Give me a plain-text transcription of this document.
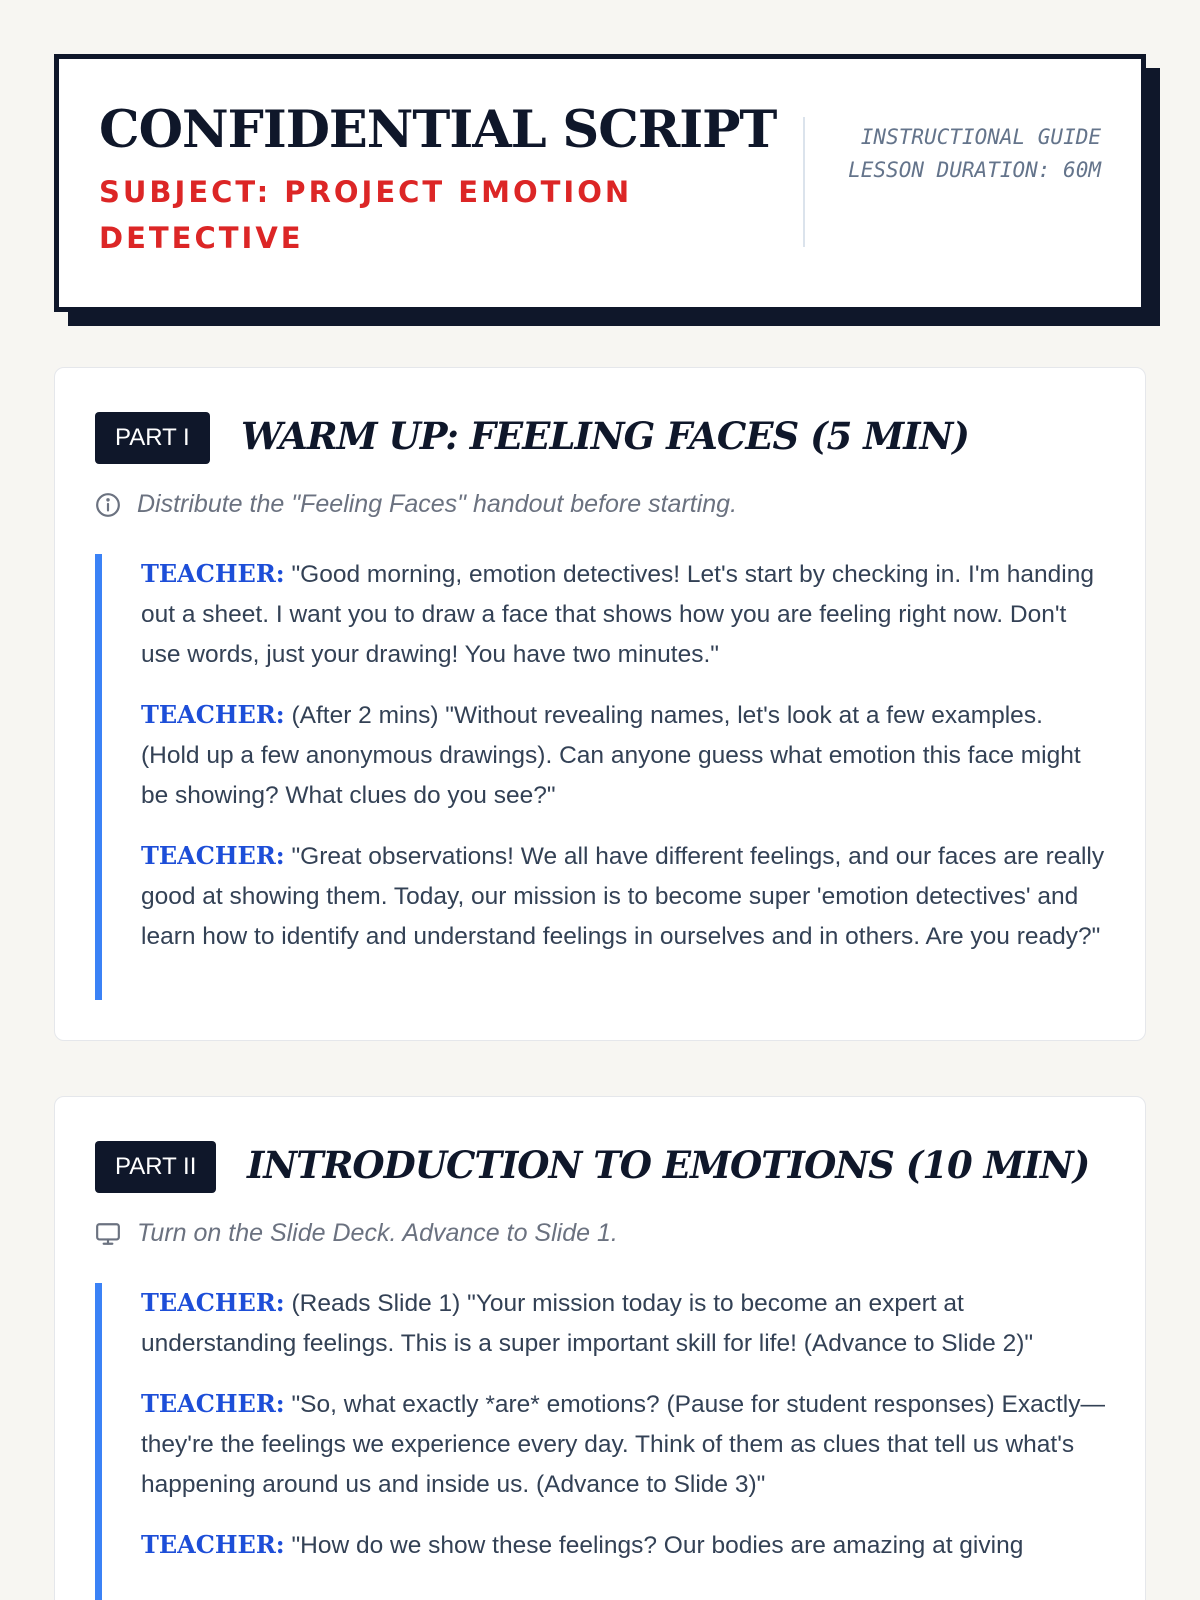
CONFIDENTIAL SCRIPT
SUBJECT: PROJECT EMOTION DETECTIVE
INSTRUCTIONAL GUIDE
LESSON DURATION: 60M
PART I	WARM UP: FEELING FACES (5 MIN)
Distribute the "Feeling Faces" handout before starting.

TEACHER: "Good morning, emotion detectives! Let's start by checking in. I'm handing out a sheet. I want you to draw a face that shows how you are feeling right now. Don't use words, just your drawing! You have two minutes."

TEACHER: (After 2 mins) "Without revealing names, let's look at a few examples. (Hold up a few anonymous drawings). Can anyone guess what emotion this face might be showing? What clues do you see?"

TEACHER: "Great observations! We all have different feelings, and our faces are really good at showing them. Today, our mission is to become super 'emotion detectives' and learn how to identify and understand feelings in ourselves and in others. Are you ready?"

PART II	INTRODUCTION TO EMOTIONS (10 MIN)
Turn on the Slide Deck. Advance to Slide 1.

TEACHER: (Reads Slide 1) "Your mission today is to become an expert at understanding feelings. This is a super important skill for life! (Advance to Slide 2)"

TEACHER: "So, what exactly *are* emotions? (Pause for student responses) Exactly—they're the feelings we experience every day. Think of them as clues that tell us what's happening around us and inside us. (Advance to Slide 3)"

TEACHER: "How do we show these feelings? Our bodies are amazing at giving
